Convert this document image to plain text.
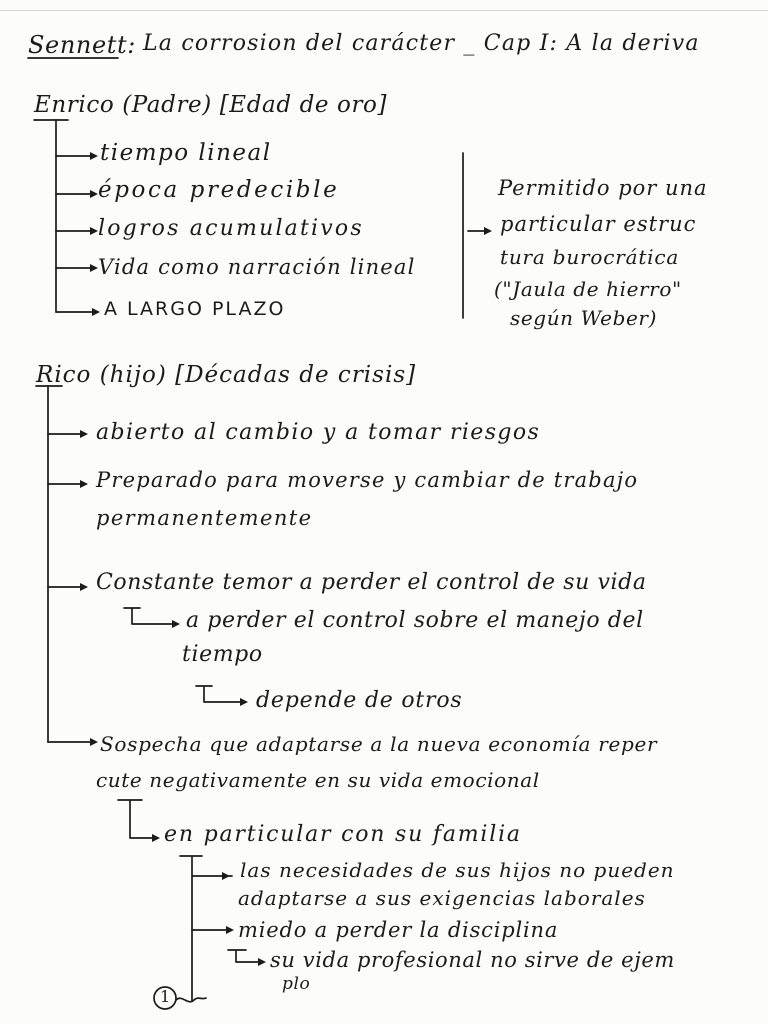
Sennett: La corrosion del carácter _ Cap I: A la deriva
Enrico (Padre) [Edad de oro]
tiempo lineal
época predecible
logros acumulativos
Vida como narración lineal
A LARGO PLAZO
Permitido por una
particular estruc
tura burocrática
("Jaula de hierro"
según Weber)
Rico (hijo) [Décadas de crisis]
abierto al cambio y a tomar riesgos
Preparado para moverse y cambiar de trabajo
permanentemente
Constante temor a perder el control de su vida
a perder el control sobre el manejo del
tiempo
depende de otros
Sospecha que adaptarse a la nueva economía reper
cute negativamente en su vida emocional
en particular con su familia
las necesidades de sus hijos no pueden
adaptarse a sus exigencias laborales
miedo a perder la disciplina
su vida profesional no sirve de ejem
plo
1
